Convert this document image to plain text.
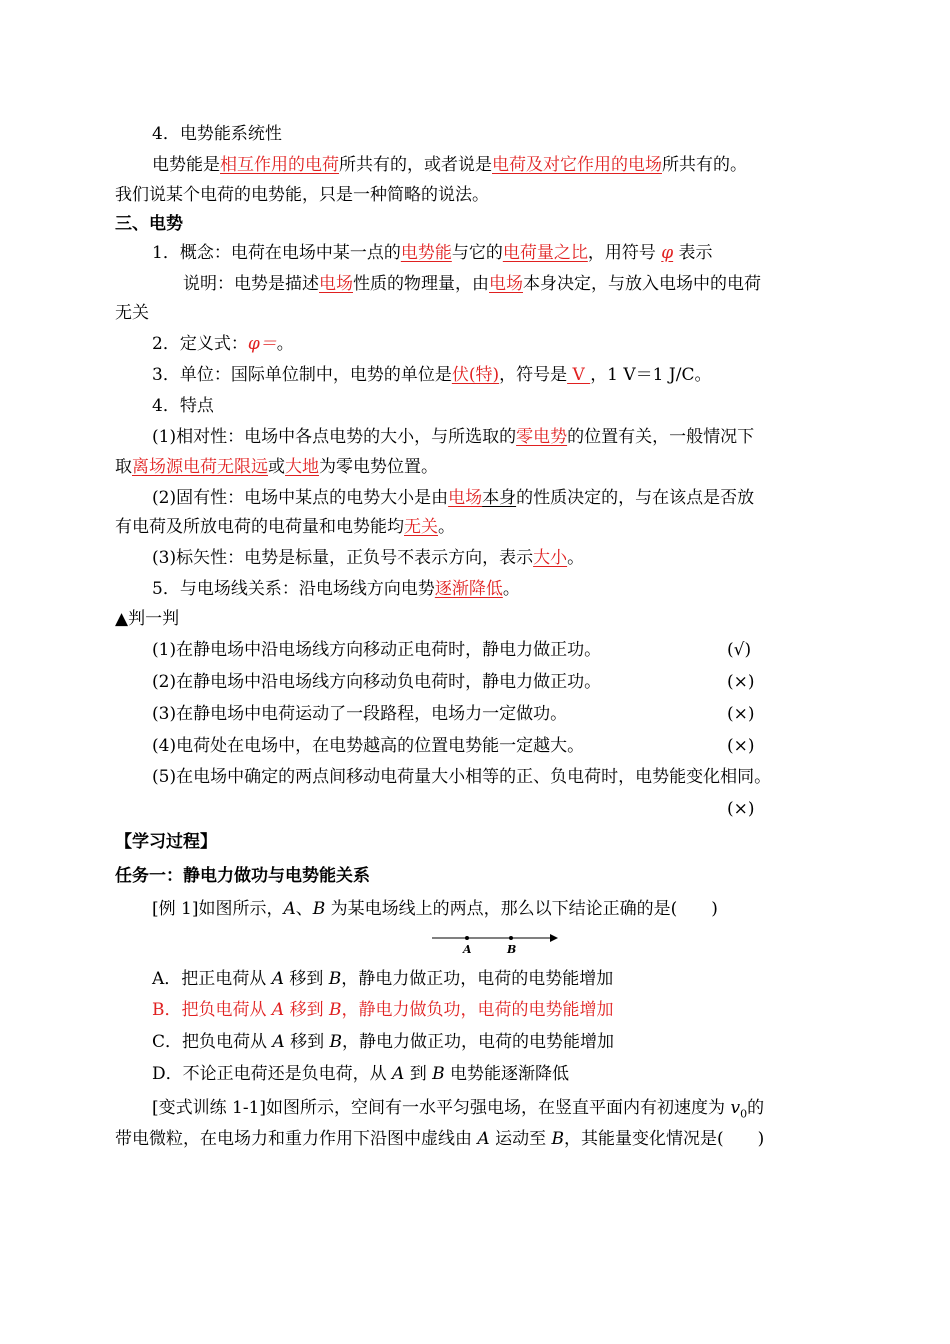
4．电势能系统性
电势能是相互作用的电荷所共有的，或者说是电荷及对它作用的电场所共有的。
我们说某个电荷的电势能，只是一种简略的说法。
三、电势
1．概念：电荷在电场中某一点的电势能与它的电荷量之比，用符号 φ 表示
说明：电势是描述电场性质的物理量，由电场本身决定，与放入电场中的电荷
无关
2．定义式：φ＝。
3．单位：国际单位制中，电势的单位是伏(特)，符号是 V ，1 V＝1 J/C。
4．特点
(1)相对性：电场中各点电势的大小，与所选取的零电势的位置有关，一般情况下
取离场源电荷无限远或大地为零电势位置。
(2)固有性：电场中某点的电势大小是由电场本身的性质决定的，与在该点是否放
有电荷及所放电荷的电荷量和电势能均无关。
(3)标矢性：电势是标量，正负号不表示方向，表示大小。
5．与电场线关系：沿电场线方向电势逐渐降低。
▲判一判
(1)在静电场中沿电场线方向移动正电荷时，静电力做正功。	(√)
(2)在静电场中沿电场线方向移动负电荷时，静电力做正功。	(×)
(3)在静电场中电荷运动了一段路程，电场力一定做功。	(×)
(4)电荷处在电场中，在电势越高的位置电势能一定越大。	(×)
(5)在电场中确定的两点间移动电荷量大小相等的正、负电荷时，电势能变化相同。
(×)
【学习过程】
任务一：静电力做功与电势能关系
[例 1]如图所示，A、B 为某电场线上的两点，那么以下结论正确的是(　　)
A	B
A．把正电荷从 A 移到 B，静电力做正功，电荷的电势能增加
B．把负电荷从 A 移到 B，静电力做负功，电荷的电势能增加
C．把负电荷从 A 移到 B，静电力做正功，电荷的电势能增加
D．不论正电荷还是负电荷，从 A 到 B 电势能逐渐降低
[变式训练 1-1]如图所示，空间有一水平匀强电场，在竖直平面内有初速度为 $v_0$的
带电微粒，在电场力和重力作用下沿图中虚线由 A 运动至 B，其能量变化情况是(　　)
